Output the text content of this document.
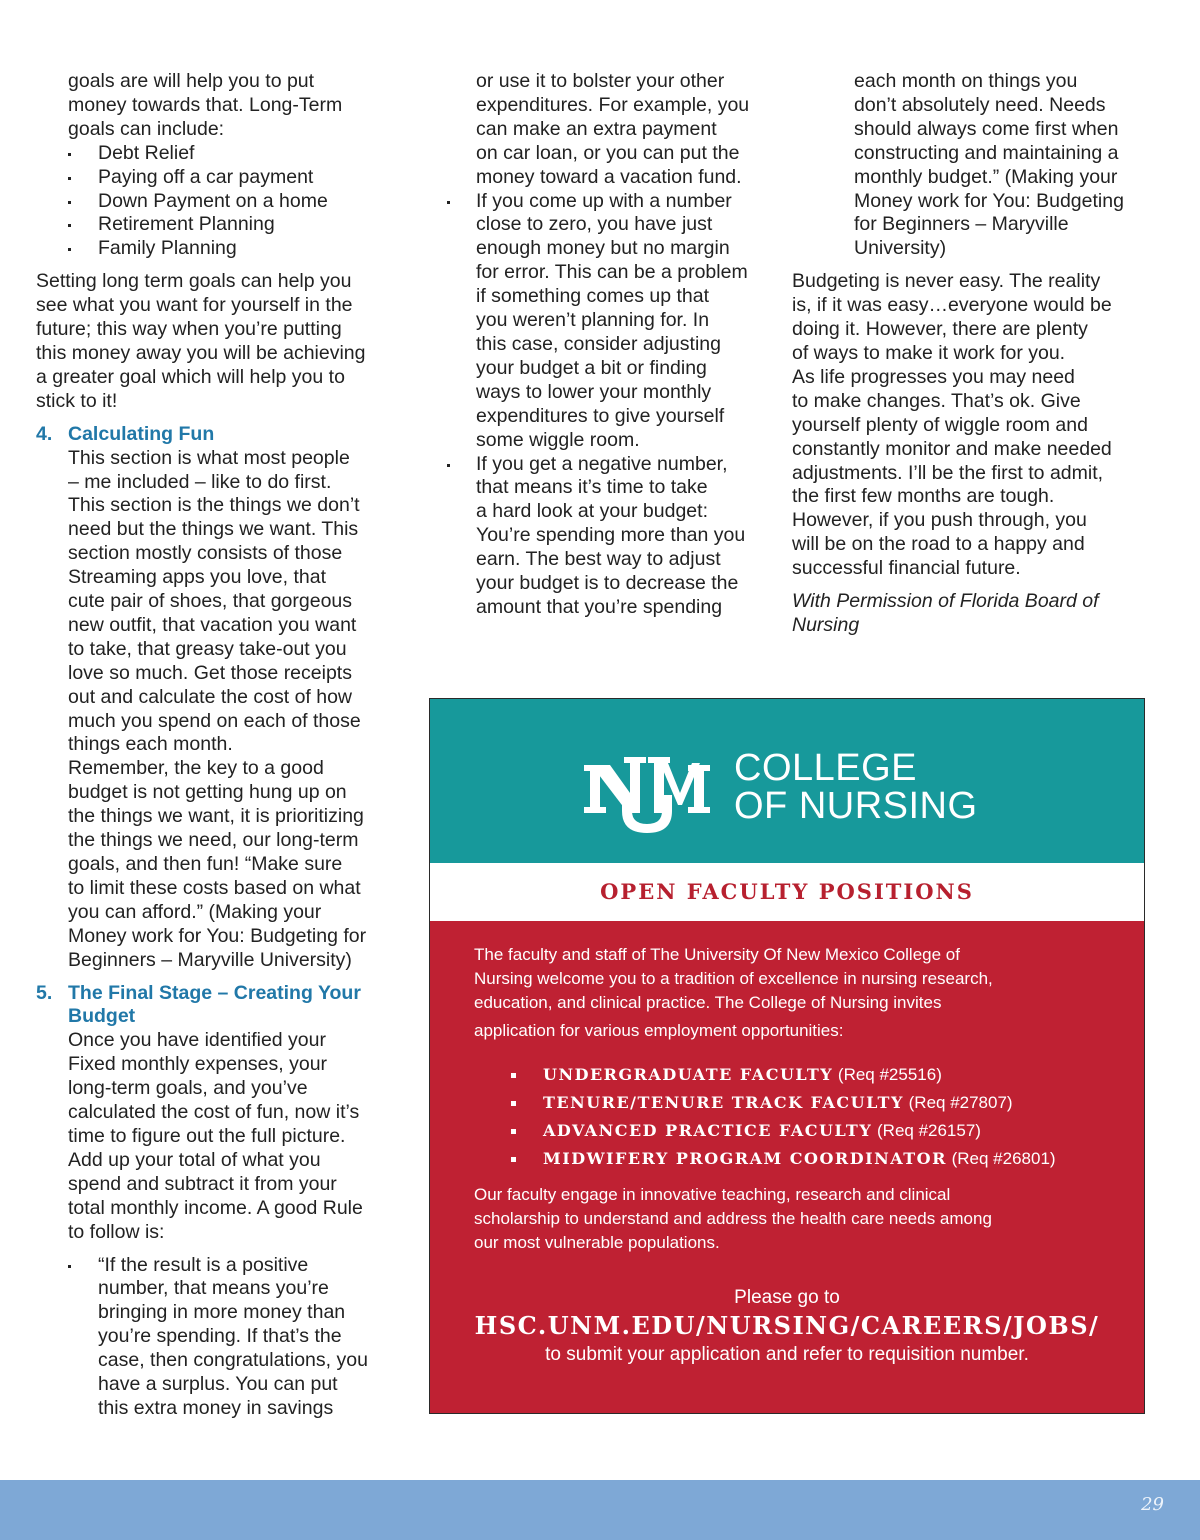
goals are will help you to put

money towards that. Long-Term

goals can include:

Debt Relief
Paying off a car payment
Down Payment on a home
Retirement Planning
Family Planning

Setting long term goals can help you

see what you want for yourself in the

future; this way when you’re putting

this money away you will be achieving

a greater goal which will help you to

stick to it!

4. Calculating Fun

This section is what most people

– me included – like to do first.

This section is the things we don’t

need but the things we want. This

section mostly consists of those

Streaming apps you love, that

cute pair of shoes, that gorgeous

new outfit, that vacation you want

to take, that greasy take-out you

love so much. Get those receipts

out and calculate the cost of how

much you spend on each of those

things each month.

Remember, the key to a good

budget is not getting hung up on

the things we want, it is prioritizing

the things we need, our long-term

goals, and then fun! “Make sure

to limit these costs based on what

you can afford.” (Making your

Money work for You: Budgeting for

Beginners – Maryville University)

5. The Final Stage – Creating Your
Budget

Once you have identified your

Fixed monthly expenses, your

long-term goals, and you’ve

calculated the cost of fun, now it’s

time to figure out the full picture.

Add up your total of what you

spend and subtract it from your

total monthly income. A good Rule

to follow is:

“If the result is a positive
number, that means you’re
bringing in more money than
you’re spending. If that’s the
case, then congratulations, you
have a surplus. You can put
this extra money in savings

or use it to bolster your other

expenditures. For example, you

can make an extra payment

on car loan, or you can put the

money toward a vacation fund.

If you come up with a number
close to zero, you have just
enough money but no margin
for error. This can be a problem
if something comes up that
you weren’t planning for. In
this case, consider adjusting
your budget a bit or finding
ways to lower your monthly
expenditures to give yourself
some wiggle room.
If you get a negative number,
that means it’s time to take
a hard look at your budget:
You’re spending more than you
earn. The best way to adjust
your budget is to decrease the
amount that you’re spending

each month on things you

don’t absolutely need. Needs

should always come first when

constructing and maintaining a

monthly budget.” (Making your

Money work for You: Budgeting

for Beginners – Maryville

University)

Budgeting is never easy. The reality

is, if it was easy…everyone would be

doing it. However, there are plenty

of ways to make it work for you.

As life progresses you may need

to make changes. That’s ok. Give

yourself plenty of wiggle room and

constantly monitor and make needed

adjustments. I’ll be the first to admit,

the first few months are tough.

However, if you push through, you

will be on the road to a happy and

successful financial future.

With Permission of Florida Board of

Nursing

COLLEGE
OF NURSING
OPEN FACULTY POSITIONS
The faculty and staff of The University Of New Mexico College of
Nursing welcome you to a tradition of excellence in nursing research,
education, and clinical practice. The College of Nursing invites
application for various employment opportunities:
UNDERGRADUATE FACULTY (Req #25516)
TENURE/TENURE TRACK FACULTY (Req #27807)
ADVANCED PRACTICE FACULTY (Req #26157)
MIDWIFERY PROGRAM COORDINATOR (Req #26801)
Our faculty engage in innovative teaching, research and clinical
scholarship to understand and address the health care needs among
our most vulnerable populations.
Please go to
HSC.UNM.EDU/NURSING/CAREERS/JOBS/
to submit your application and refer to requisition number.
29
